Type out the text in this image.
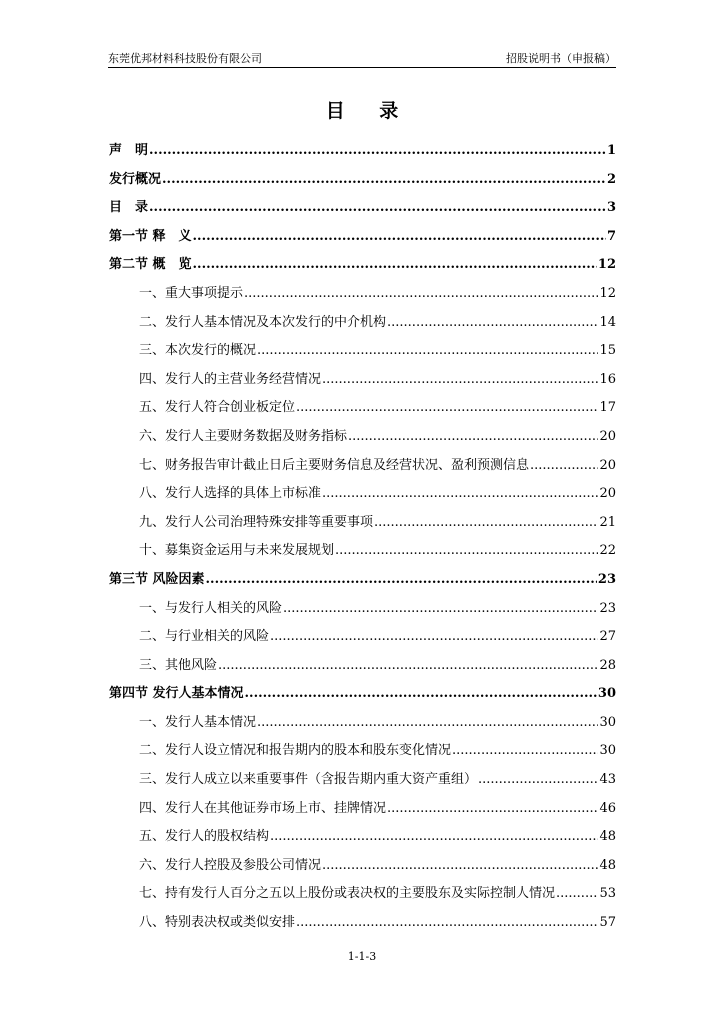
东莞优邦材料科技股份有限公司	招股说明书（申报稿）
目 录
声　明 .....	1
发行概况 .....	2
目　录 .....	3
第一节 释　义 .....	7
第二节 概　览 .....	12
一、重大事项提示 .....	12
二、发行人基本情况及本次发行的中介机构 .....	14
三、本次发行的概况 .....	15
四、发行人的主营业务经营情况 .....	16
五、发行人符合创业板定位 .....	17
六、发行人主要财务数据及财务指标 .....	20
七、财务报告审计截止日后主要财务信息及经营状况、盈利预测信息 .....	20
八、发行人选择的具体上市标准 .....	20
九、发行人公司治理特殊安排等重要事项 .....	21
十、募集资金运用与未来发展规划 .....	22
第三节 风险因素 .....	23
一、与发行人相关的风险 .....	23
二、与行业相关的风险 .....	27
三、其他风险 .....	28
第四节 发行人基本情况 .....	30
一、发行人基本情况 .....	30
二、发行人设立情况和报告期内的股本和股东变化情况 .....	30
三、发行人成立以来重要事件（含报告期内重大资产重组） .....	43
四、发行人在其他证券市场上市、挂牌情况 .....	46
五、发行人的股权结构 .....	48
六、发行人控股及参股公司情况 .....	48
七、持有发行人百分之五以上股份或表决权的主要股东及实际控制人情况 .....	53
八、特别表决权或类似安排 .....	57
1-1-3
